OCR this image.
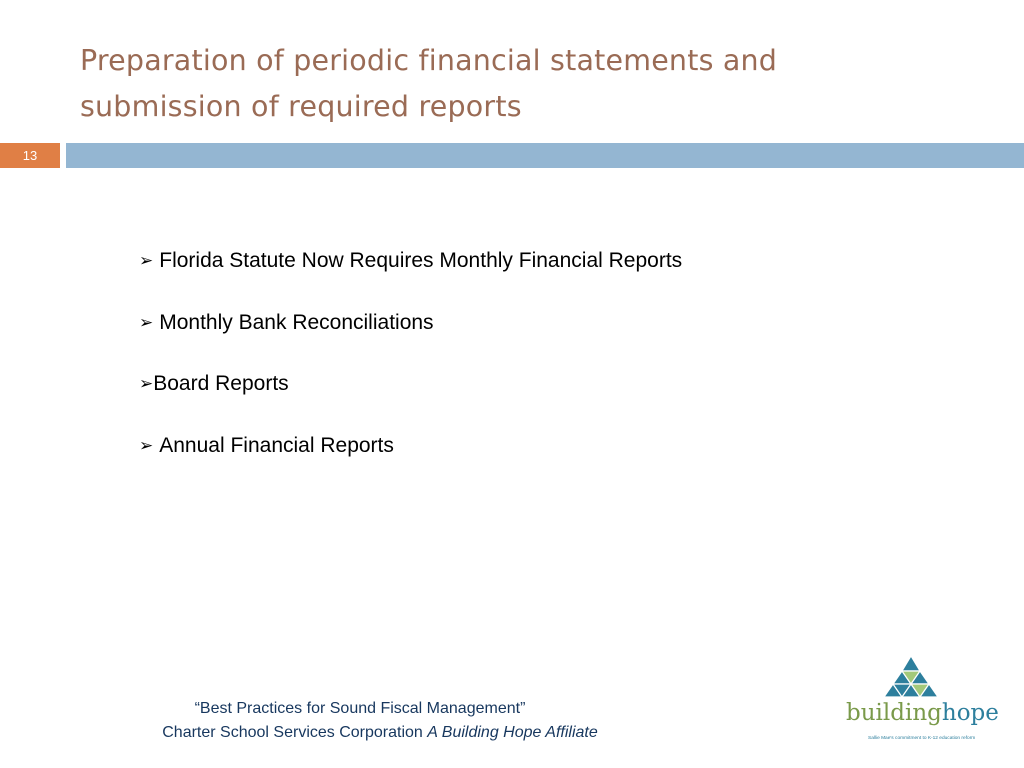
Preparation of periodic financial statements and
submission of required reports
13
➢ Florida Statute Now Requires Monthly Financial Reports
➢ Monthly Bank Reconciliations
➢Board Reports
➢ Annual Financial Reports
“Best Practices for Sound Fiscal Management”
Charter School Services Corporation A Building Hope Affiliate
buildinghope
Sallie Mae's commitment to K-12 education reform
